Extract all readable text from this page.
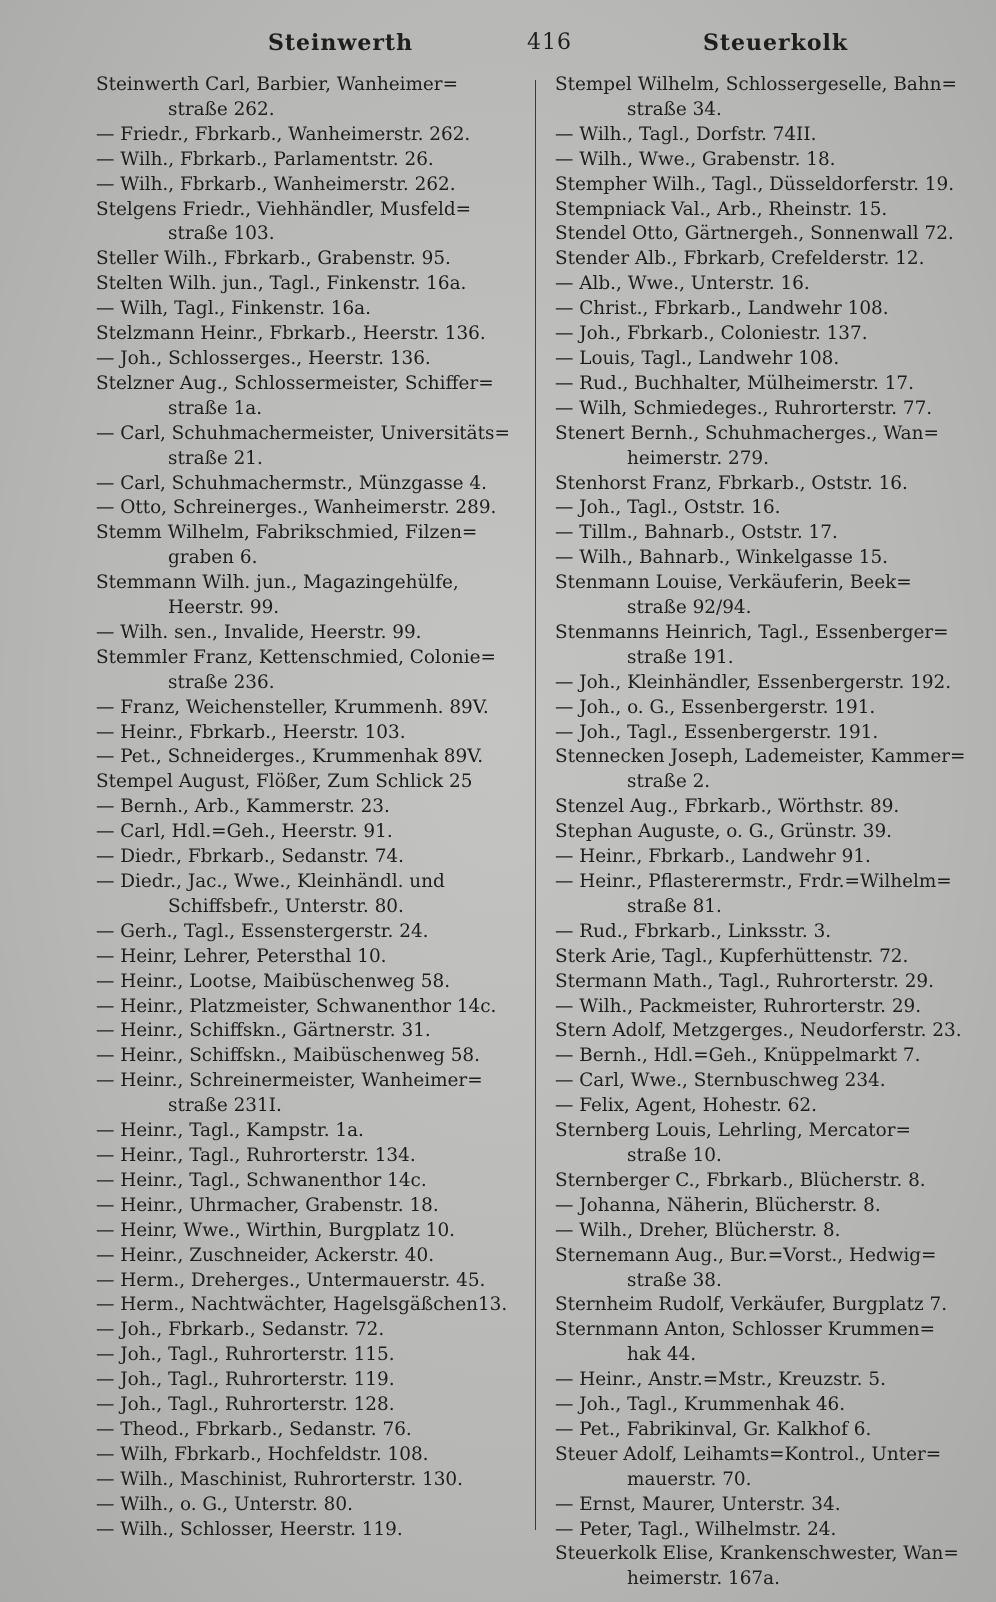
Steinwerth	416	Steuerkolk
Steinwerth Carl, Barbier, Wanheimer=
straße 262.
— Friedr., Fbrkarb., Wanheimerstr. 262.
— Wilh., Fbrkarb., Parlamentstr. 26.
— Wilh., Fbrkarb., Wanheimerstr. 262.
Stelgens Friedr., Viehhändler, Musfeld=
straße 103.
Steller Wilh., Fbrkarb., Grabenstr. 95.
Stelten Wilh. jun., Tagl., Finkenstr. 16a.
— Wilh, Tagl., Finkenstr. 16a.
Stelzmann Heinr., Fbrkarb., Heerstr. 136.
— Joh., Schlosserges., Heerstr. 136.
Stelzner Aug., Schlossermeister, Schiffer=
straße 1a.
— Carl, Schuhmachermeister, Universitäts=
straße 21.
— Carl, Schuhmachermstr., Münzgasse 4.
— Otto, Schreinerges., Wanheimerstr. 289.
Stemm Wilhelm, Fabrikschmied, Filzen=
graben 6.
Stemmann Wilh. jun., Magazingehülfe,
Heerstr. 99.
— Wilh. sen., Invalide, Heerstr. 99.
Stemmler Franz, Kettenschmied, Colonie=
straße 236.
— Franz, Weichensteller, Krummenh. 89V.
— Heinr., Fbrkarb., Heerstr. 103.
— Pet., Schneiderges., Krummenhak 89V.
Stempel August, Flößer, Zum Schlick 25
— Bernh., Arb., Kammerstr. 23.
— Carl, Hdl.=Geh., Heerstr. 91.
— Diedr., Fbrkarb., Sedanstr. 74.
— Diedr., Jac., Wwe., Kleinhändl. und
Schiffsbefr., Unterstr. 80.
— Gerh., Tagl., Essenstergerstr. 24.
— Heinr, Lehrer, Petersthal 10.
— Heinr., Lootse, Maibüschenweg 58.
— Heinr., Platzmeister, Schwanenthor 14c.
— Heinr., Schiffskn., Gärtnerstr. 31.
— Heinr., Schiffskn., Maibüschenweg 58.
— Heinr., Schreinermeister, Wanheimer=
straße 231I.
— Heinr., Tagl., Kampstr. 1a.
— Heinr., Tagl., Ruhrorterstr. 134.
— Heinr., Tagl., Schwanenthor 14c.
— Heinr., Uhrmacher, Grabenstr. 18.
— Heinr, Wwe., Wirthin, Burgplatz 10.
— Heinr., Zuschneider, Ackerstr. 40.
— Herm., Dreherges., Untermauerstr. 45.
— Herm., Nachtwächter, Hagelsgäßchen13.
— Joh., Fbrkarb., Sedanstr. 72.
— Joh., Tagl., Ruhrorterstr. 115.
— Joh., Tagl., Ruhrorterstr. 119.
— Joh., Tagl., Ruhrorterstr. 128.
— Theod., Fbrkarb., Sedanstr. 76.
— Wilh, Fbrkarb., Hochfeldstr. 108.
— Wilh., Maschinist, Ruhrorterstr. 130.
— Wilh., o. G., Unterstr. 80.
— Wilh., Schlosser, Heerstr. 119.
Stempel Wilhelm, Schlossergeselle, Bahn=
straße 34.
— Wilh., Tagl., Dorfstr. 74II.
— Wilh., Wwe., Grabenstr. 18.
Stempher Wilh., Tagl., Düsseldorferstr. 19.
Stempniack Val., Arb., Rheinstr. 15.
Stendel Otto, Gärtnergeh., Sonnenwall 72.
Stender Alb., Fbrkarb, Crefelderstr. 12.
— Alb., Wwe., Unterstr. 16.
— Christ., Fbrkarb., Landwehr 108.
— Joh., Fbrkarb., Coloniestr. 137.
— Louis, Tagl., Landwehr 108.
— Rud., Buchhalter, Mülheimerstr. 17.
— Wilh, Schmiedeges., Ruhrorterstr. 77.
Stenert Bernh., Schuhmacherges., Wan=
heimerstr. 279.
Stenhorst Franz, Fbrkarb., Oststr. 16.
— Joh., Tagl., Oststr. 16.
— Tillm., Bahnarb., Oststr. 17.
— Wilh., Bahnarb., Winkelgasse 15.
Stenmann Louise, Verkäuferin, Beek=
straße 92/94.
Stenmanns Heinrich, Tagl., Essenberger=
straße 191.
— Joh., Kleinhändler, Essenbergerstr. 192.
— Joh., o. G., Essenbergerstr. 191.
— Joh., Tagl., Essenbergerstr. 191.
Stennecken Joseph, Lademeister, Kammer=
straße 2.
Stenzel Aug., Fbrkarb., Wörthstr. 89.
Stephan Auguste, o. G., Grünstr. 39.
— Heinr., Fbrkarb., Landwehr 91.
— Heinr., Pflasterermstr., Frdr.=Wilhelm=
straße 81.
— Rud., Fbrkarb., Linksstr. 3.
Sterk Arie, Tagl., Kupferhüttenstr. 72.
Stermann Math., Tagl., Ruhrorterstr. 29.
— Wilh., Packmeister, Ruhrorterstr. 29.
Stern Adolf, Metzgerges., Neudorferstr. 23.
— Bernh., Hdl.=Geh., Knüppelmarkt 7.
— Carl, Wwe., Sternbuschweg 234.
— Felix, Agent, Hohestr. 62.
Sternberg Louis, Lehrling, Mercator=
straße 10.
Sternberger C., Fbrkarb., Blücherstr. 8.
— Johanna, Näherin, Blücherstr. 8.
— Wilh., Dreher, Blücherstr. 8.
Sternemann Aug., Bur.=Vorst., Hedwig=
straße 38.
Sternheim Rudolf, Verkäufer, Burgplatz 7.
Sternmann Anton, Schlosser Krummen=
hak 44.
— Heinr., Anstr.=Mstr., Kreuzstr. 5.
— Joh., Tagl., Krummenhak 46.
— Pet., Fabrikinval, Gr. Kalkhof 6.
Steuer Adolf, Leihamts=Kontrol., Unter=
mauerstr. 70.
— Ernst, Maurer, Unterstr. 34.
— Peter, Tagl., Wilhelmstr. 24.
Steuerkolk Elise, Krankenschwester, Wan=
heimerstr. 167a.
